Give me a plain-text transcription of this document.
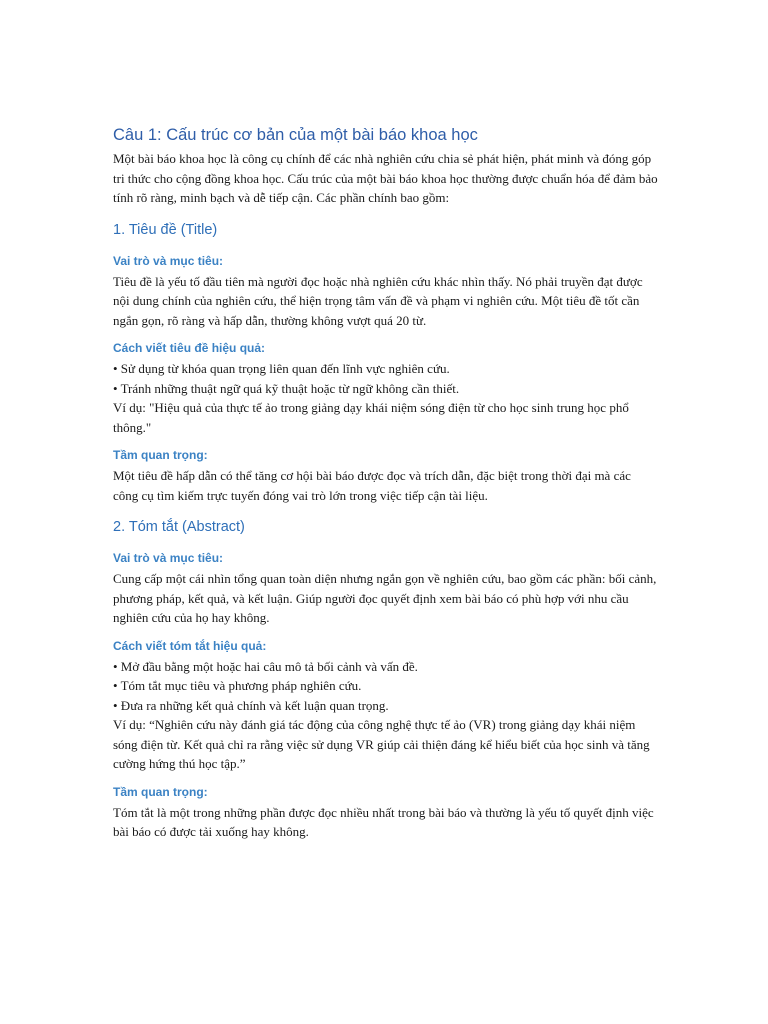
Câu 1: Cấu trúc cơ bản của một bài báo khoa học

Một bài báo khoa học là công cụ chính để các nhà nghiên cứu chia sẻ phát hiện, phát minh và đóng góp tri thức cho cộng đồng khoa học. Cấu trúc của một bài báo khoa học thường được chuẩn hóa để đảm bảo tính rõ ràng, minh bạch và dễ tiếp cận. Các phần chính bao gồm:

1. Tiêu đề (Title)
Vai trò và mục tiêu:

Tiêu đề là yếu tố đầu tiên mà người đọc hoặc nhà nghiên cứu khác nhìn thấy. Nó phải truyền đạt được nội dung chính của nghiên cứu, thể hiện trọng tâm vấn đề và phạm vi nghiên cứu. Một tiêu đề tốt cần ngắn gọn, rõ ràng và hấp dẫn, thường không vượt quá 20 từ.

Cách viết tiêu đề hiệu quả:

• Sử dụng từ khóa quan trọng liên quan đến lĩnh vực nghiên cứu.

• Tránh những thuật ngữ quá kỹ thuật hoặc từ ngữ không cần thiết.

Ví dụ: "Hiệu quả của thực tế ảo trong giảng dạy khái niệm sóng điện từ cho học sinh trung học phổ thông."

Tầm quan trọng:

Một tiêu đề hấp dẫn có thể tăng cơ hội bài báo được đọc và trích dẫn, đặc biệt trong thời đại mà các công cụ tìm kiếm trực tuyến đóng vai trò lớn trong việc tiếp cận tài liệu.

2. Tóm tắt (Abstract)
Vai trò và mục tiêu:

Cung cấp một cái nhìn tổng quan toàn diện nhưng ngắn gọn về nghiên cứu, bao gồm các phần: bối cảnh, phương pháp, kết quả, và kết luận. Giúp người đọc quyết định xem bài báo có phù hợp với nhu cầu nghiên cứu của họ hay không.

Cách viết tóm tắt hiệu quả:

• Mở đầu bằng một hoặc hai câu mô tả bối cảnh và vấn đề.

• Tóm tắt mục tiêu và phương pháp nghiên cứu.

• Đưa ra những kết quả chính và kết luận quan trọng.

Ví dụ: “Nghiên cứu này đánh giá tác động của công nghệ thực tế ảo (VR) trong giảng dạy khái niệm sóng điện từ. Kết quả chỉ ra rằng việc sử dụng VR giúp cải thiện đáng kể hiểu biết của học sinh và tăng cường hứng thú học tập.”

Tầm quan trọng:

Tóm tắt là một trong những phần được đọc nhiều nhất trong bài báo và thường là yếu tố quyết định việc bài báo có được tải xuống hay không.
